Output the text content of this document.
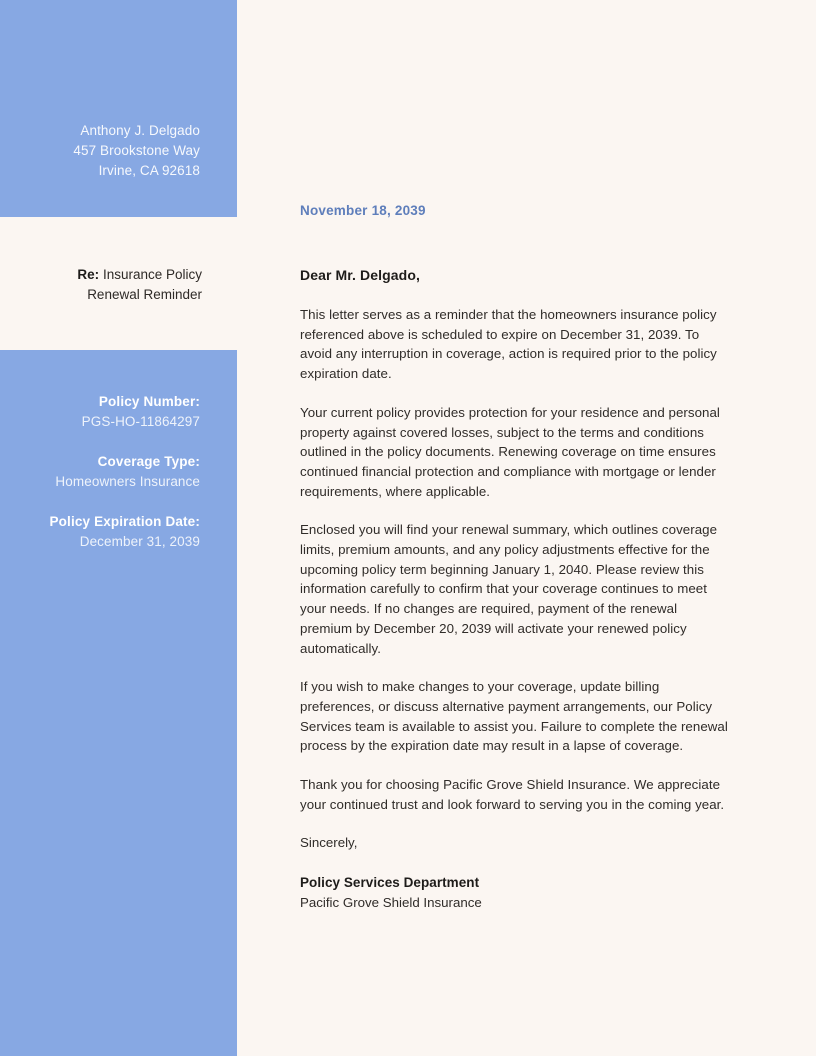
Anthony J. Delgado
457 Brookstone Way
Irvine, CA 92618
Re: Insurance Policy
Renewal Reminder
Policy Number:
PGS-HO-11864297
Coverage Type:
Homeowners Insurance
Policy Expiration Date:
December 31, 2039
November 18, 2039

Dear Mr. Delgado,

This letter serves as a reminder that the homeowners insurance policy referenced above is scheduled to expire on December 31, 2039. To avoid any interruption in coverage, action is required prior to the policy expiration date.

Your current policy provides protection for your residence and personal property against covered losses, subject to the terms and conditions outlined in the policy documents. Renewing coverage on time ensures continued financial protection and compliance with mortgage or lender requirements, where applicable.

Enclosed you will find your renewal summary, which outlines coverage limits, premium amounts, and any policy adjustments effective for the upcoming policy term beginning January 1, 2040. Please review this information carefully to confirm that your coverage continues to meet your needs. If no changes are required, payment of the renewal premium by December 20, 2039 will activate your renewed policy automatically.

If you wish to make changes to your coverage, update billing preferences, or discuss alternative payment arrangements, our Policy Services team is available to assist you. Failure to complete the renewal process by the expiration date may result in a lapse of coverage.

Thank you for choosing Pacific Grove Shield Insurance. We appreciate your continued trust and look forward to serving you in the coming year.

Sincerely,

Policy Services Department

Pacific Grove Shield Insurance
